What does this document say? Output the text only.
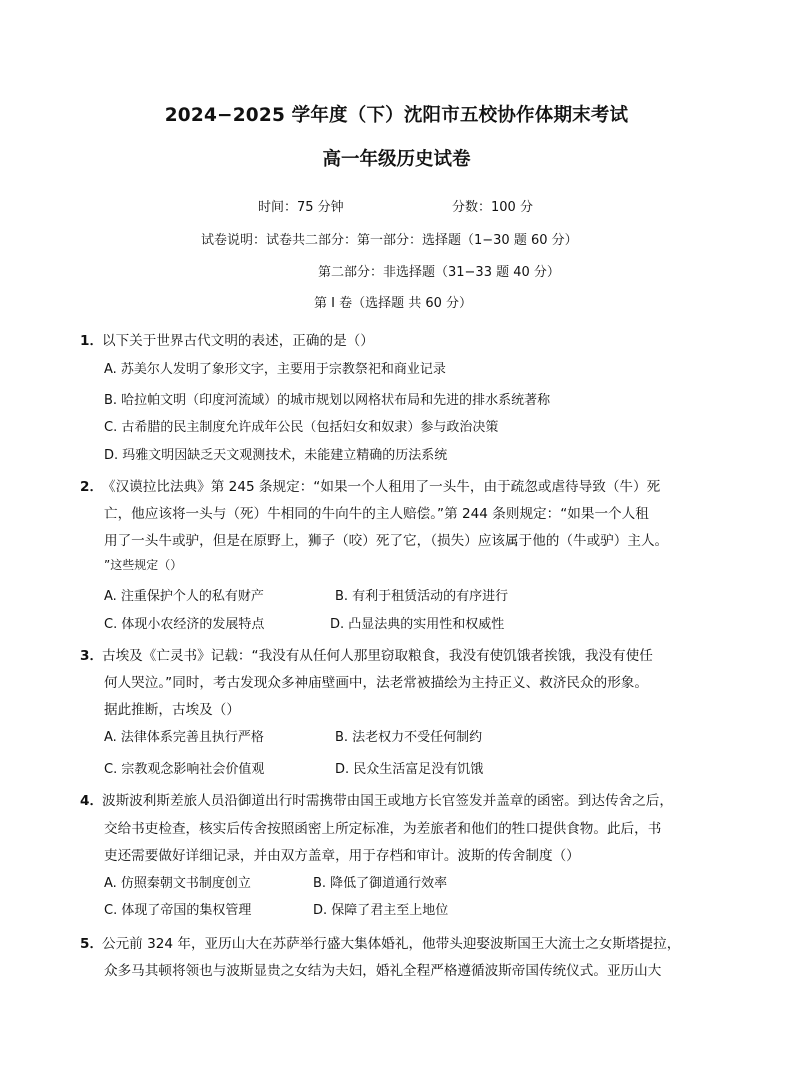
2024−2025 学年度（下）沈阳市五校协作体期末考试
高一年级历史试卷
时间：75 分钟	分数：100 分
试卷说明：试卷共二部分：第一部分：选择题（1−30 题 60 分）
第二部分：非选择题（31−33 题 40 分）
第 I 卷（选择题 共 60 分）
1．
以下关于世界古代文明的表述，正确的是（）
A. 苏美尔人发明了象形文字，主要用于宗教祭祀和商业记录
B. 哈拉帕文明（印度河流域）的城市规划以网格状布局和先进的排水系统著称
C. 古希腊的民主制度允许成年公民（包括妇女和奴隶）参与政治决策
D. 玛雅文明因缺乏天文观测技术，未能建立精确的历法系统
2．
《汉谟拉比法典》第 245 条规定：“如果一个人租用了一头牛，由于疏忽或虐待导致（牛）死
亡，他应该将一头与（死）牛相同的牛向牛的主人赔偿。”第 244 条则规定：“如果一个人租
用了一头牛或驴，但是在原野上，狮子（咬）死了它，（损失）应该属于他的（牛或驴）主人。
”这些规定（）
A. 注重保护个人的私有财产	B. 有利于租赁活动的有序进行
C. 体现小农经济的发展特点	D. 凸显法典的实用性和权威性
3．
古埃及《亡灵书》记载：“我没有从任何人那里窃取粮食，我没有使饥饿者挨饿，我没有使任
何人哭泣。”同时，考古发现众多神庙壁画中，法老常被描绘为主持正义、救济民众的形象。
据此推断，古埃及（）
A. 法律体系完善且执行严格	B. 法老权力不受任何制约
C. 宗教观念影响社会价值观	D. 民众生活富足没有饥饿
4．
波斯波利斯差旅人员沿御道出行时需携带由国王或地方长官签发并盖章的函密。到达传舍之后，
交给书吏检查，核实后传舍按照函密上所定标准，为差旅者和他们的牲口提供食物。此后，书
吏还需要做好详细记录，并由双方盖章，用于存档和审计。波斯的传舍制度（）
A. 仿照秦朝文书制度创立	B. 降低了御道通行效率
C. 体现了帝国的集权管理	D. 保障了君主至上地位
5．
公元前 324 年，亚历山大在苏萨举行盛大集体婚礼，他带头迎娶波斯国王大流士之女斯塔提拉，
众多马其顿将领也与波斯显贵之女结为夫妇，婚礼全程严格遵循波斯帝国传统仪式。亚历山大
